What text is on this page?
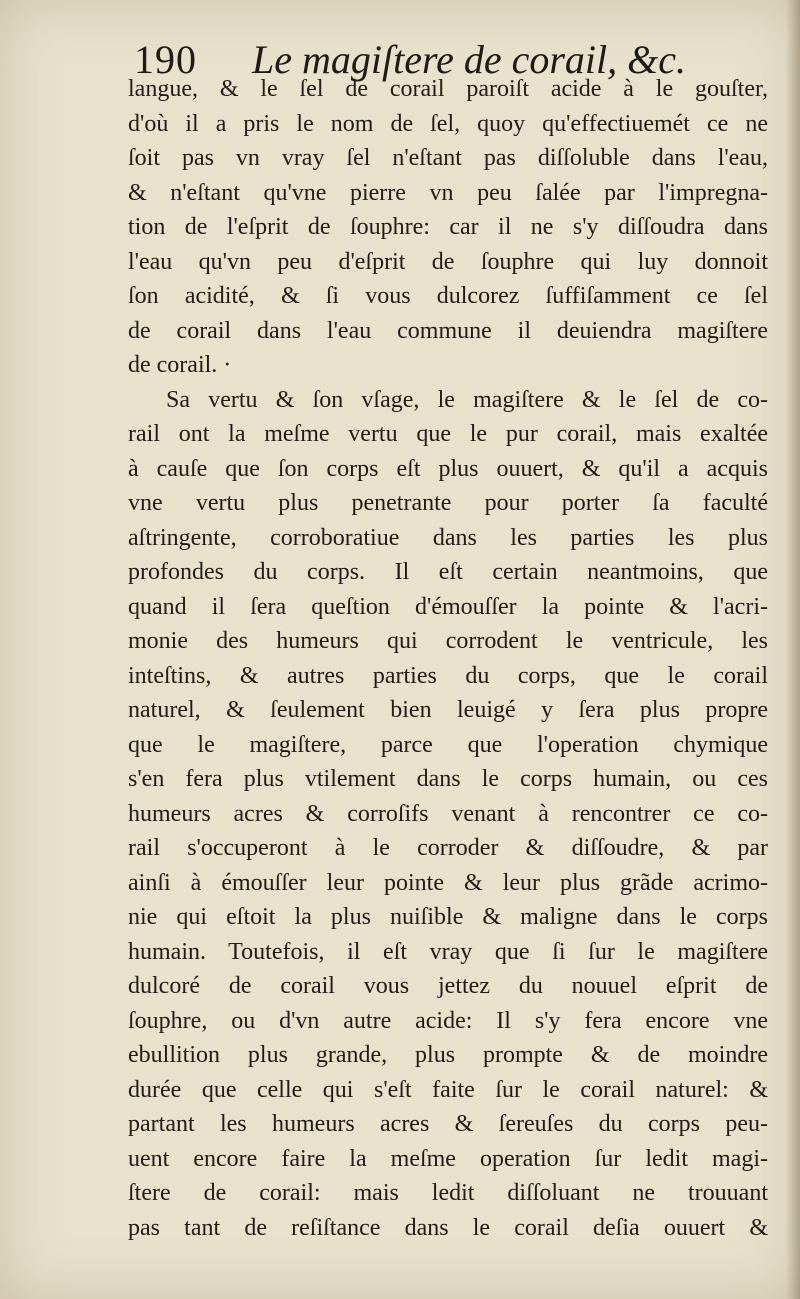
190 Le magiſtere de corail, &c.
langue, & le ſel de corail paroiſt acide à le gouſter,
d'où il a pris le nom de ſel, quoy qu'effectiuemét ce ne
ſoit pas vn vray ſel n'eſtant pas diſſoluble dans l'eau,
& n'eſtant qu'vne pierre vn peu ſalée par l'impregna-
tion de l'eſprit de ſouphre: car il ne s'y diſſoudra dans
l'eau qu'vn peu d'eſprit de ſouphre qui luy donnoit
ſon acidité, & ſi vous dulcorez ſuffiſamment ce ſel
de corail dans l'eau commune il deuiendra magiſtere
de corail. ·
Sa vertu & ſon vſage, le magiſtere & le ſel de co-
rail ont la meſme vertu que le pur corail, mais exaltée
à cauſe que ſon corps eſt plus ouuert, & qu'il a acquis
vne vertu plus penetrante pour porter ſa faculté
aſtringente, corroboratiue dans les parties les plus
profondes du corps. Il eſt certain neantmoins, que
quand il ſera queſtion d'émouſſer la pointe & l'acri-
monie des humeurs qui corrodent le ventricule, les
inteſtins, & autres parties du corps, que le corail
naturel, & ſeulement bien leuigé y ſera plus propre
que le magiſtere, parce que l'operation chymique
s'en fera plus vtilement dans le corps humain, ou ces
humeurs acres & corroſifs venant à rencontrer ce co-
rail s'occuperont à le corroder & diſſoudre, & par
ainſi à émouſſer leur pointe & leur plus grãde acrimo-
nie qui eſtoit la plus nuiſible & maligne dans le corps
humain. Toutefois, il eſt vray que ſi ſur le magiſtere
dulcoré de corail vous jettez du nouuel eſprit de
ſouphre, ou d'vn autre acide: Il s'y fera encore vne
ebullition plus grande, plus prompte & de moindre
durée que celle qui s'eſt faite ſur le corail naturel: &
partant les humeurs acres & ſereuſes du corps peu-
uent encore faire la meſme operation ſur ledit magi-
ſtere de corail: mais ledit diſſoluant ne trouuant
pas tant de reſiſtance dans le corail deſia ouuert &
